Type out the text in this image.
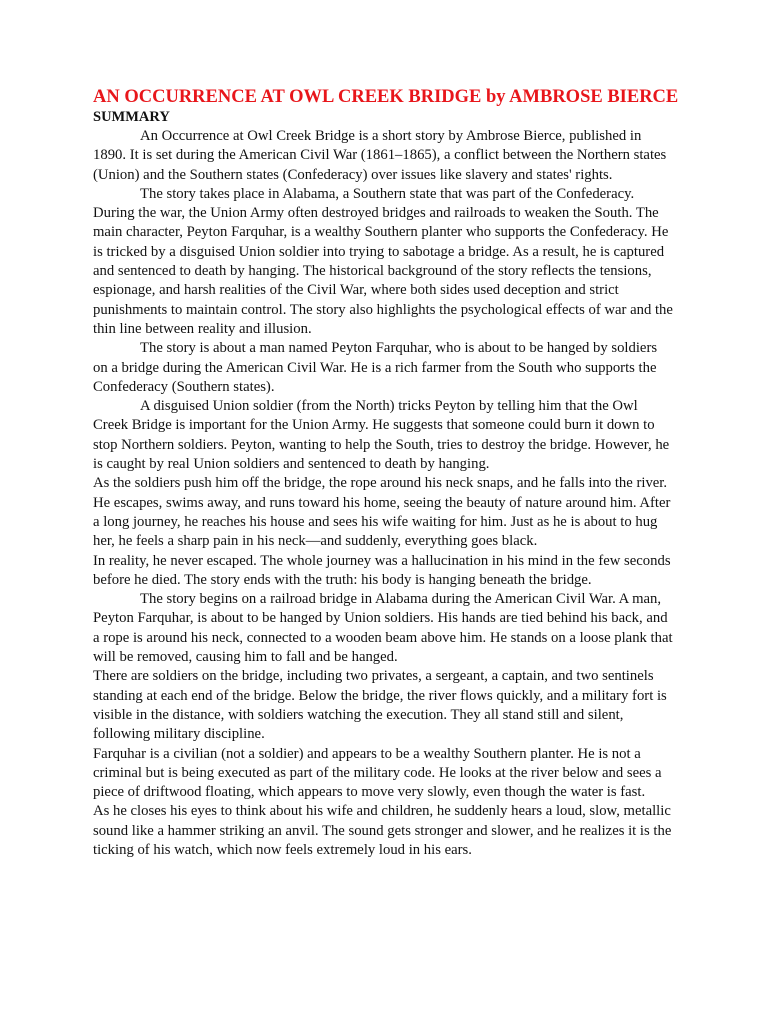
AN OCCURRENCE AT OWL CREEK BRIDGE by AMBROSE BIERCE
SUMMARY

An Occurrence at Owl Creek Bridge is a short story by Ambrose Bierce, published in 1890. It is set during the American Civil War (1861–1865), a conflict between the Northern states (Union) and the Southern states (Confederacy) over issues like slavery and states' rights.

The story takes place in Alabama, a Southern state that was part of the Confederacy. During the war, the Union Army often destroyed bridges and railroads to weaken the South. The main character, Peyton Farquhar, is a wealthy Southern planter who supports the Confederacy. He is tricked by a disguised Union soldier into trying to sabotage a bridge. As a result, he is captured and sentenced to death by hanging. The historical background of the story reflects the tensions, espionage, and harsh realities of the Civil War, where both sides used deception and strict punishments to maintain control. The story also highlights the psychological effects of war and the thin line between reality and illusion.

The story is about a man named Peyton Farquhar, who is about to be hanged by soldiers on a bridge during the American Civil War. He is a rich farmer from the South who supports the Confederacy (Southern states).

A disguised Union soldier (from the North) tricks Peyton by telling him that the Owl Creek Bridge is important for the Union Army. He suggests that someone could burn it down to stop Northern soldiers. Peyton, wanting to help the South, tries to destroy the bridge. However, he is caught by real Union soldiers and sentenced to death by hanging.

As the soldiers push him off the bridge, the rope around his neck snaps, and he falls into the river. He escapes, swims away, and runs toward his home, seeing the beauty of nature around him. After a long journey, he reaches his house and sees his wife waiting for him. Just as he is about to hug her, he feels a sharp pain in his neck—and suddenly, everything goes black.

In reality, he never escaped. The whole journey was a hallucination in his mind in the few seconds before he died. The story ends with the truth: his body is hanging beneath the bridge.

The story begins on a railroad bridge in Alabama during the American Civil War. A man, Peyton Farquhar, is about to be hanged by Union soldiers. His hands are tied behind his back, and a rope is around his neck, connected to a wooden beam above him. He stands on a loose plank that will be removed, causing him to fall and be hanged.

There are soldiers on the bridge, including two privates, a sergeant, a captain, and two sentinels standing at each end of the bridge. Below the bridge, the river flows quickly, and a military fort is visible in the distance, with soldiers watching the execution. They all stand still and silent, following military discipline.

Farquhar is a civilian (not a soldier) and appears to be a wealthy Southern planter. He is not a criminal but is being executed as part of the military code. He looks at the river below and sees a piece of driftwood floating, which appears to move very slowly, even though the water is fast.

As he closes his eyes to think about his wife and children, he suddenly hears a loud, slow, metallic sound like a hammer striking an anvil. The sound gets stronger and slower, and he realizes it is the ticking of his watch, which now feels extremely loud in his ears.
